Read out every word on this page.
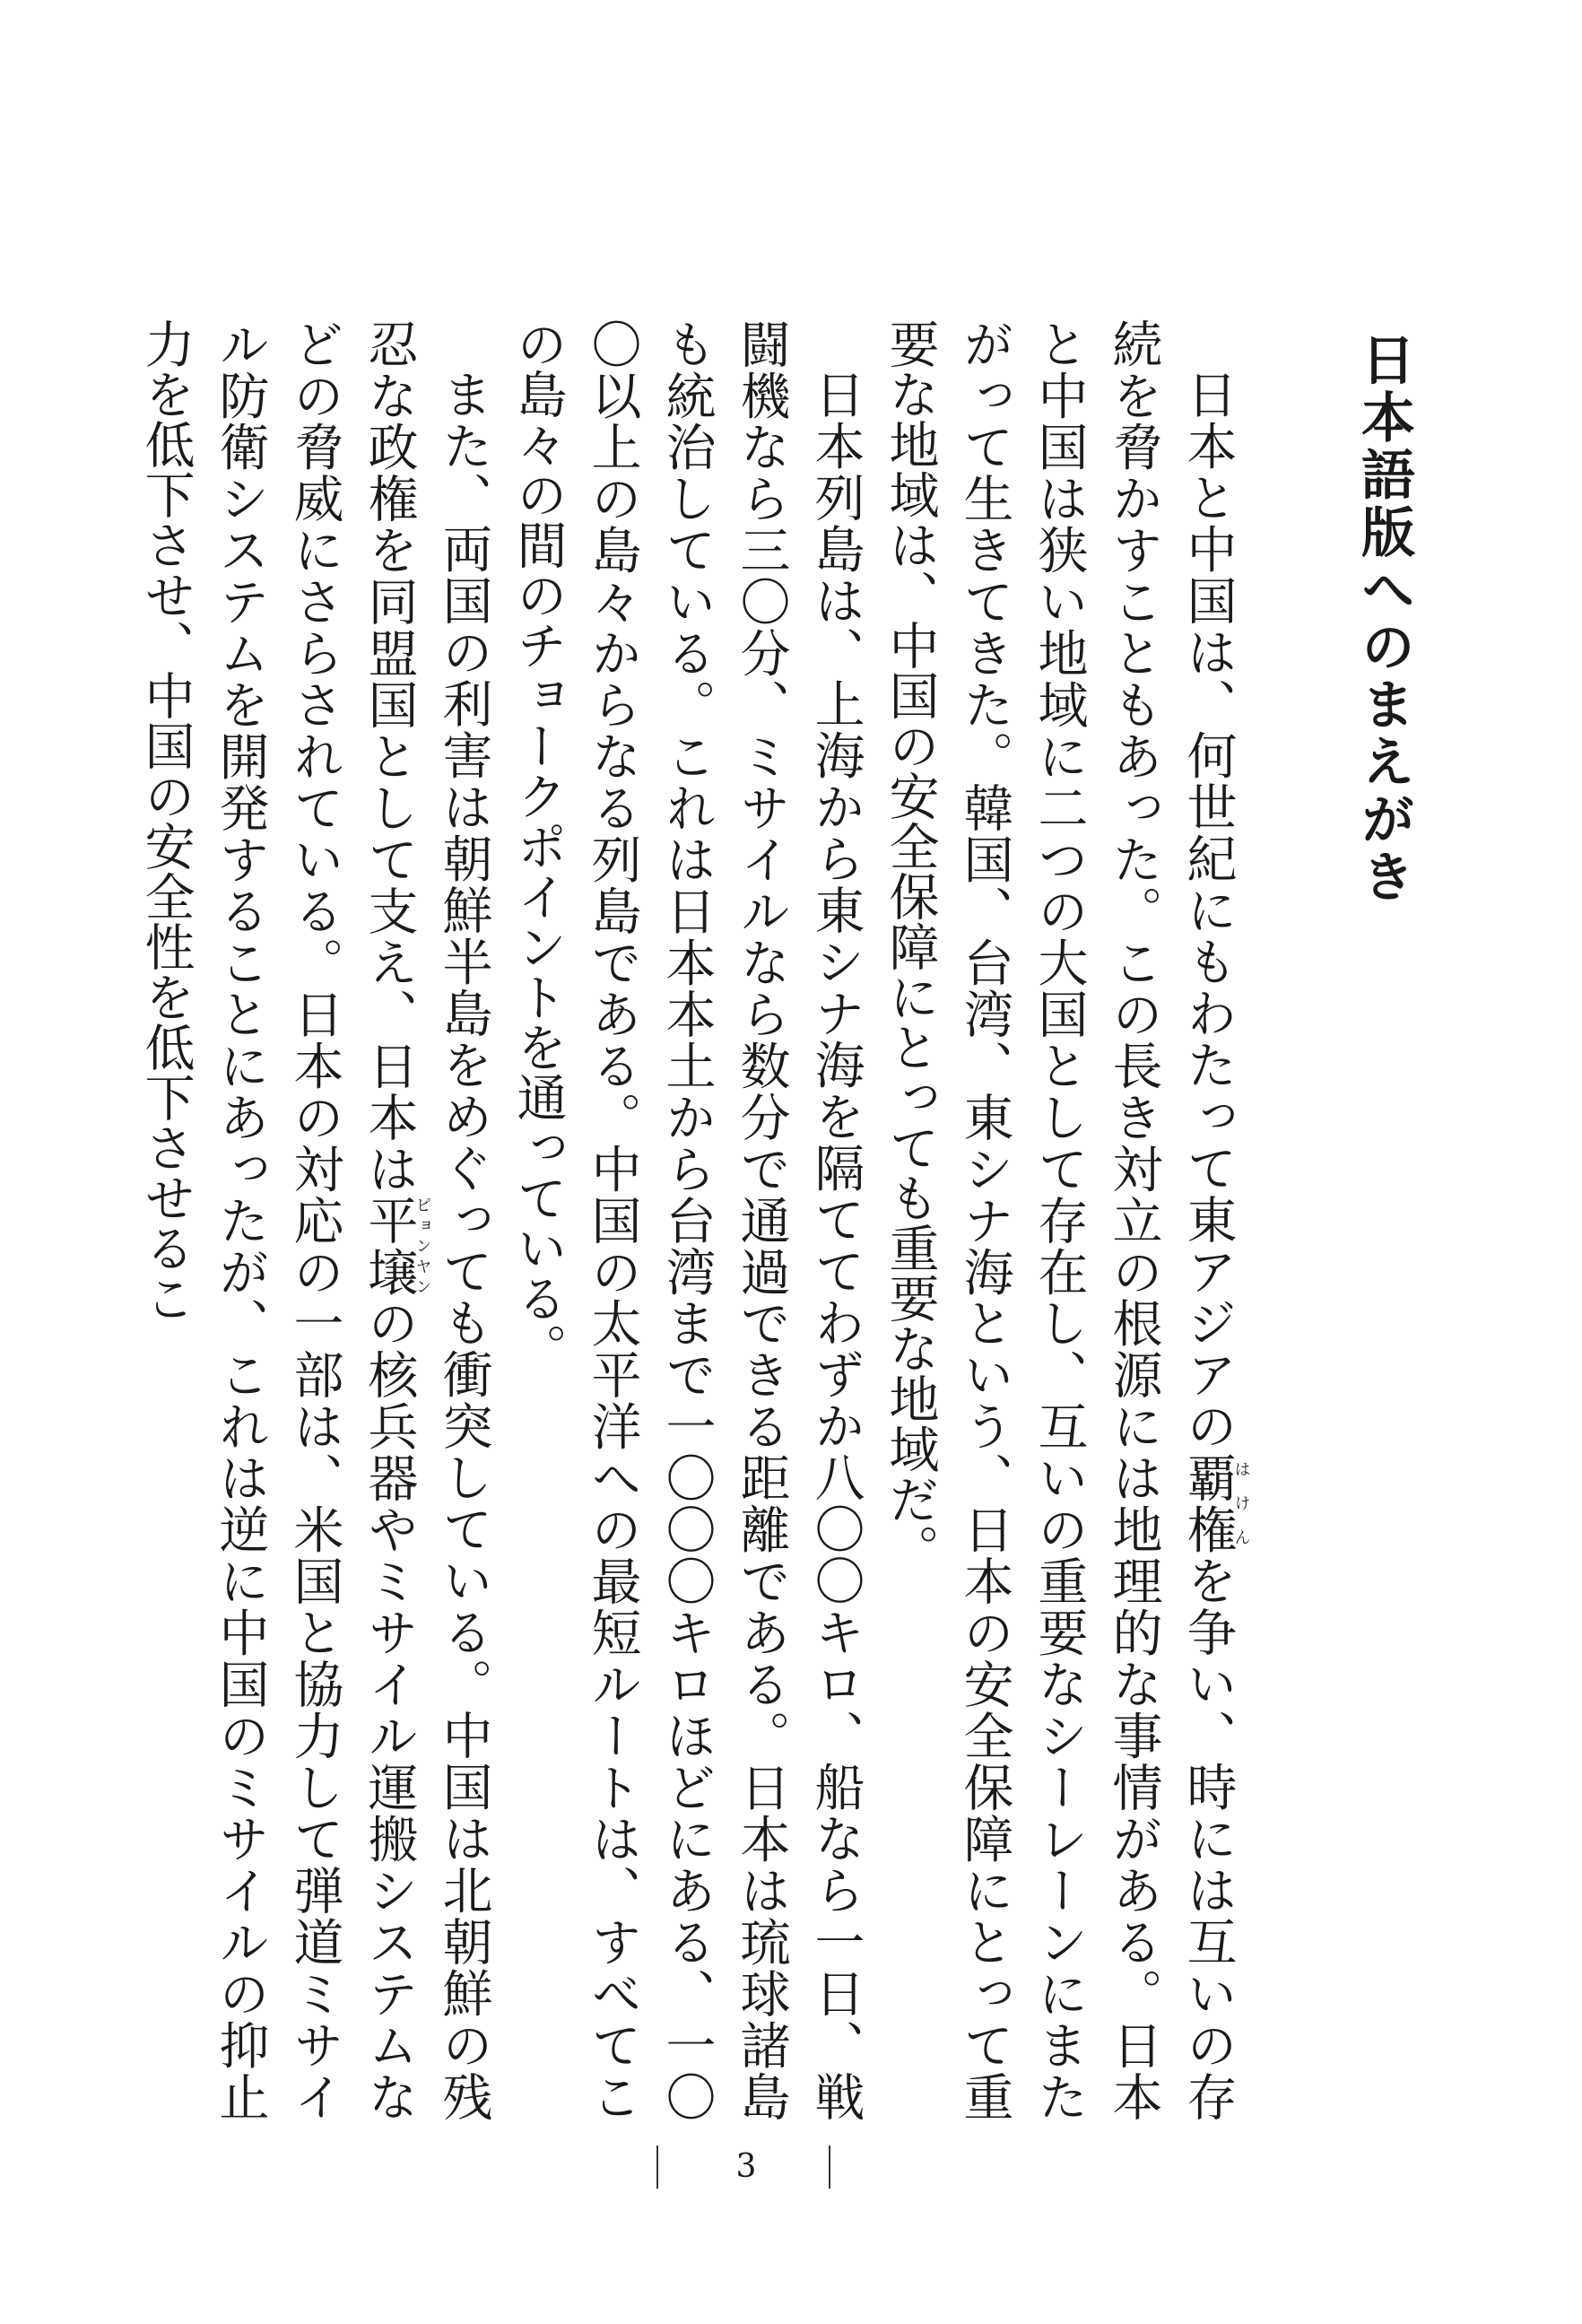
日本語版へのまえがき

日本と中国は、何世紀にもわたって東アジアの覇権はけんを争い、時には互いの存続を脅かすこともあった。この長き対立の根源には地理的な事情がある。日本と中国は狭い地域に二つの大国として存在し、互いの重要なシーレーンにまたがって生きてきた。韓国、台湾、東シナ海という、日本の安全保障にとって重要な地域は、中国の安全保障にとっても重要な地域だ。

日本列島は、上海から東シナ海を隔ててわずか八〇〇キロ、船なら一日、戦闘機なら三〇分、ミサイルなら数分で通過できる距離である。日本は琉球諸島も統治している。これは日本本土から台湾まで一〇〇〇キロほどにある、一〇〇以上の島々からなる列島である。中国の太平洋への最短ルートは、すべてこの島々の間のチョークポイントを通っている。

また、両国の利害は朝鮮半島をめぐっても衝突している。中国は北朝鮮の残忍な政権を同盟国として支え、日本は平壌ピョンヤンの核兵器やミサイル運搬システムなどの脅威にさらされている。日本の対応の一部は、米国と協力して弾道ミサイル防衛システムを開発することにあったが、これは逆に中国のミサイルの抑止力を低下させ、中国の安全性を低下させるこ

3
